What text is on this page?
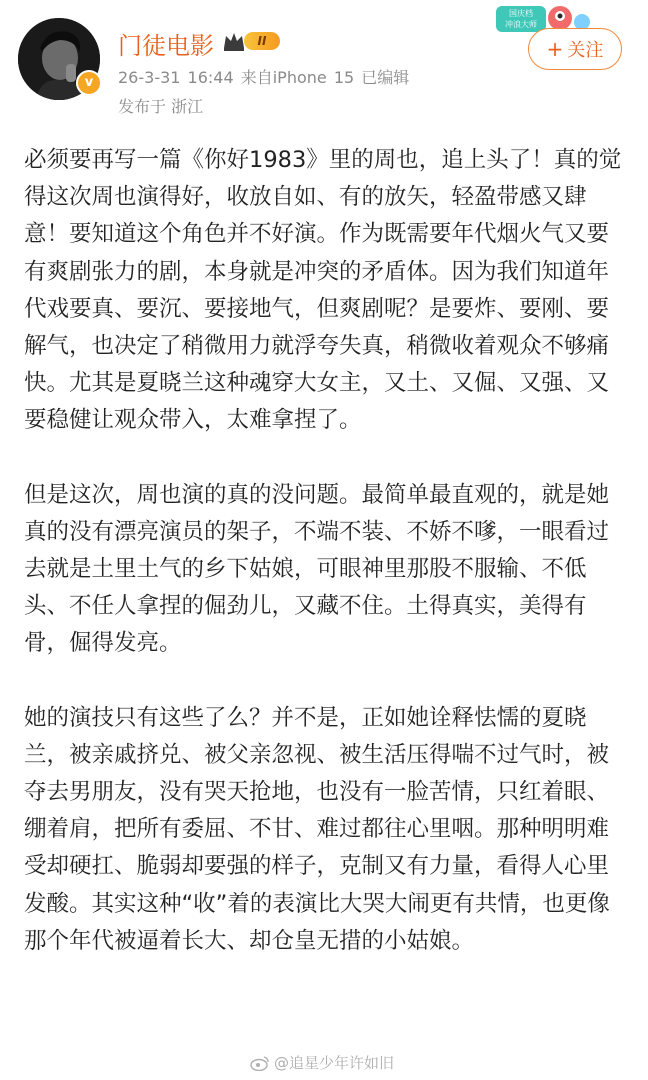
v
门徒电影	II
26-3-31 16:44 来自iPhone 15 已编辑
发布于 浙江
国庆档
冲浪大师
+ 关注

必须要再写一篇《你好1983》里的周也，追上头了！真的觉得这次周也演得好，收放自如、有的放矢，轻盈带感又肆意！要知道这个角色并不好演。作为既需要年代烟火气又要有爽剧张力的剧，本身就是冲突的矛盾体。因为我们知道年代戏要真、要沉、要接地气，但爽剧呢？是要炸、要刚、要解气，也决定了稍微用力就浮夸失真，稍微收着观众不够痛快。尤其是夏晓兰这种魂穿大女主，又土、又倔、又强、又要稳健让观众带入，太难拿捏了。

但是这次，周也演的真的没问题。最简单最直观的，就是她真的没有漂亮演员的架子，不端不装、不娇不嗲，一眼看过去就是土里土气的乡下姑娘，可眼神里那股不服输、不低头、不任人拿捏的倔劲儿，又藏不住。土得真实，美得有骨，倔得发亮。

她的演技只有这些了么？并不是，正如她诠释怯懦的夏晓兰，被亲戚挤兑、被父亲忽视、被生活压得喘不过气时，被夺去男朋友，没有哭天抢地，也没有一脸苦情，只红着眼、绷着肩，把所有委屈、不甘、难过都往心里咽。那种明明难受却硬扛、脆弱却要强的样子，克制又有力量，看得人心里发酸。其实这种“收”着的表演比大哭大闹更有共情，也更像那个年代被逼着长大、却仓皇无措的小姑娘。

@追星少年许如旧
